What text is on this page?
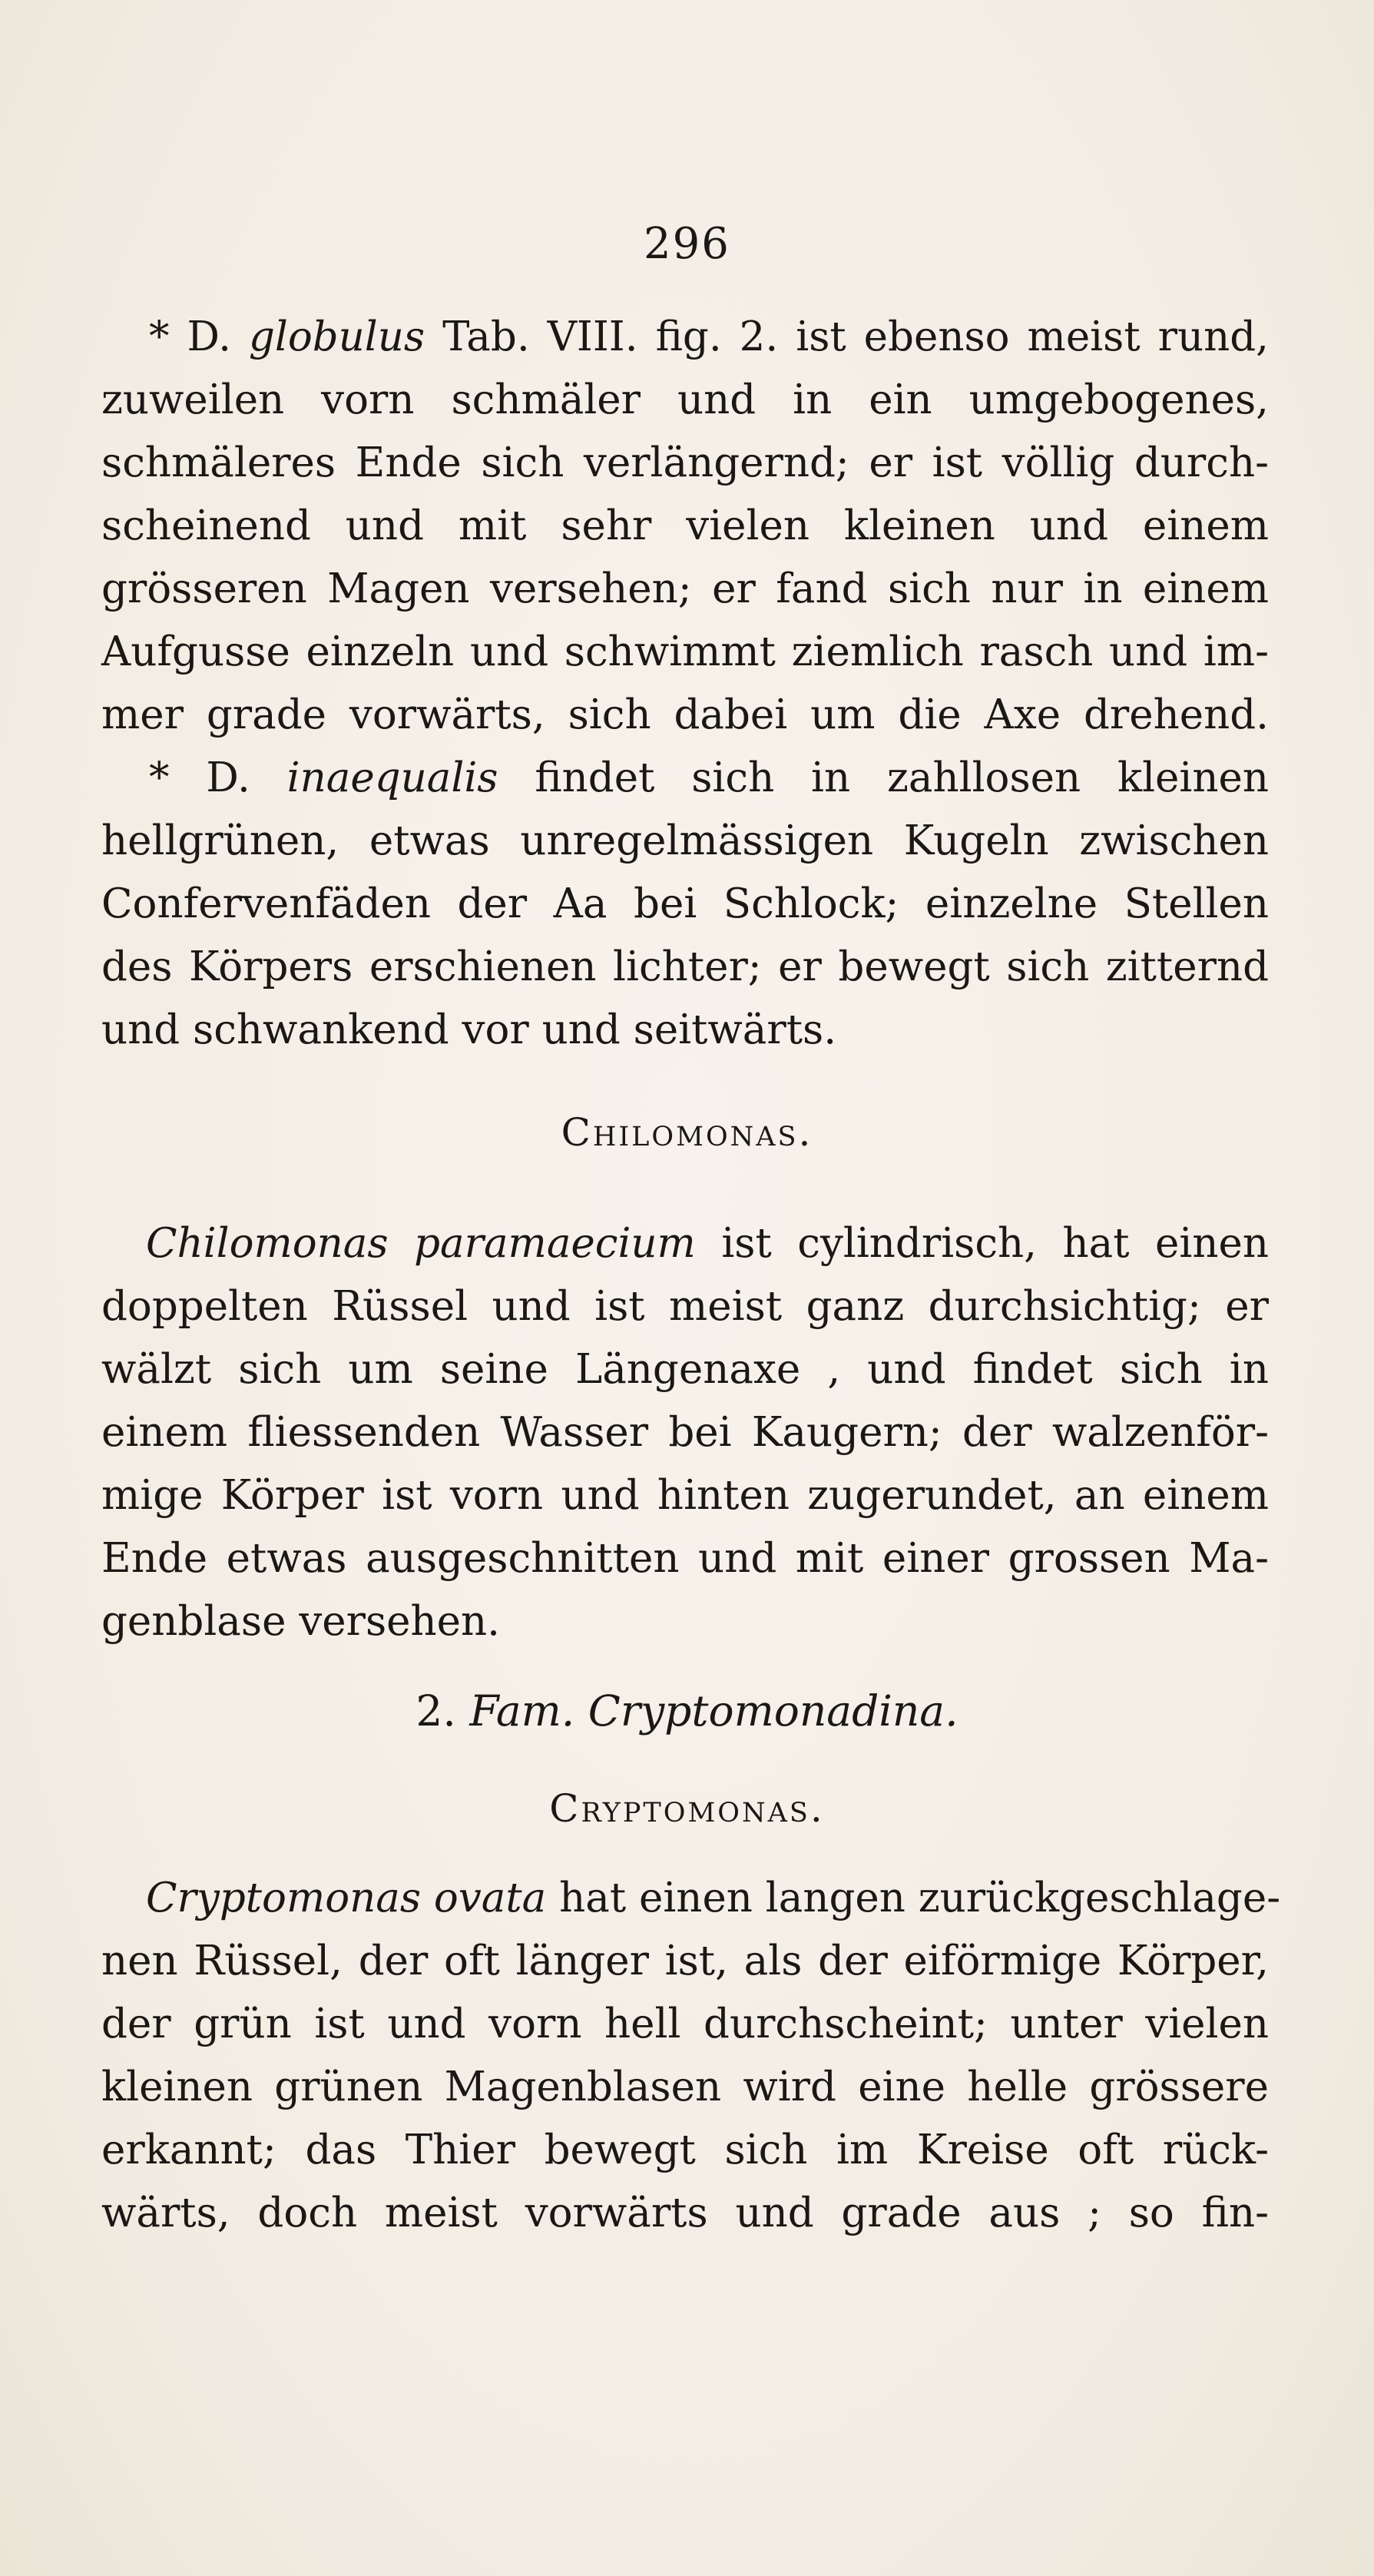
296
* D. globulus Tab. VIII. fig. 2. ist ebenso meist rund,
zuweilen vorn schmäler und in ein umgebogenes,
schmäleres Ende sich verlängernd; er ist völlig durch-
scheinend und mit sehr vielen kleinen und einem
grösseren Magen versehen; er fand sich nur in einem
Aufgusse einzeln und schwimmt ziemlich rasch und im-
mer grade vorwärts, sich dabei um die Axe drehend.
* D. inaequalis findet sich in zahllosen kleinen
hellgrünen, etwas unregelmässigen Kugeln zwischen
Confervenfäden der Aa bei Schlock; einzelne Stellen
des Körpers erschienen lichter; er bewegt sich zitternd
und schwankend vor und seitwärts.
Chilomonas.
Chilomonas paramaecium ist cylindrisch, hat einen
doppelten Rüssel und ist meist ganz durchsichtig; er
wälzt sich um seine Längenaxe , und findet sich in
einem fliessenden Wasser bei Kaugern; der walzenför-
mige Körper ist vorn und hinten zugerundet, an einem
Ende etwas ausgeschnitten und mit einer grossen Ma-
genblase versehen.
2. Fam. Cryptomonadina.
Cryptomonas.
Cryptomonas ovata hat einen langen zurückgeschlage-
nen Rüssel, der oft länger ist, als der eiförmige Körper,
der grün ist und vorn hell durchscheint; unter vielen
kleinen grünen Magenblasen wird eine helle grössere
erkannt; das Thier bewegt sich im Kreise oft rück-
wärts, doch meist vorwärts und grade aus ; so fin-
